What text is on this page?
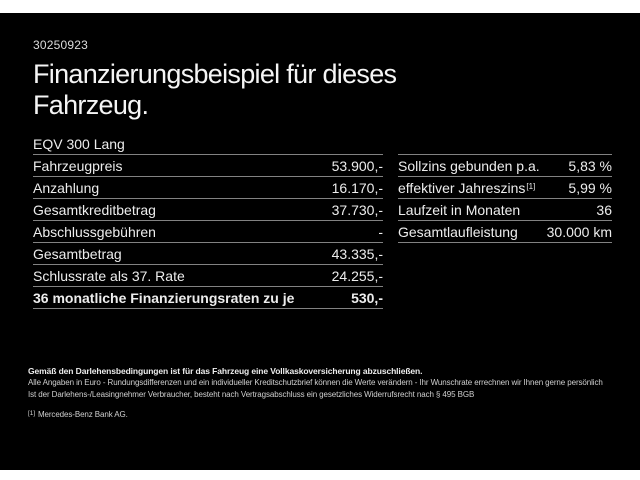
30250923
Finanzierungsbeispiel für dieses
Fahrzeug.
EQV 300 Lang
Fahrzeugpreis	53.900,-
Anzahlung	16.170,-
Gesamtkreditbetrag	37.730,-
Abschlussgebühren	-
Gesamtbetrag	43.335,-
Schlussrate als 37. Rate	24.255,-
36 monatliche Finanzierungsraten zu je	530,-
Sollzins gebunden p.a.	5,83 %
effektiver Jahreszins[1]	5,99 %
Laufzeit in Monaten	36
Gesamtlaufleistung	30.000 km

Gemäß den Darlehensbedingungen ist für das Fahrzeug eine Vollkaskoversicherung abzuschließen.

Alle Angaben in Euro - Rundungsdifferenzen und ein individueller Kreditschutzbrief können die Werte verändern - Ihr Wunschrate errechnen wir Ihnen gerne persönlich

Ist der Darlehens-/Leasingnehmer Verbraucher, besteht nach Vertragsabschluss ein gesetzliches Widerrufsrecht nach § 495 BGB

[1] Mercedes-Benz Bank AG.
